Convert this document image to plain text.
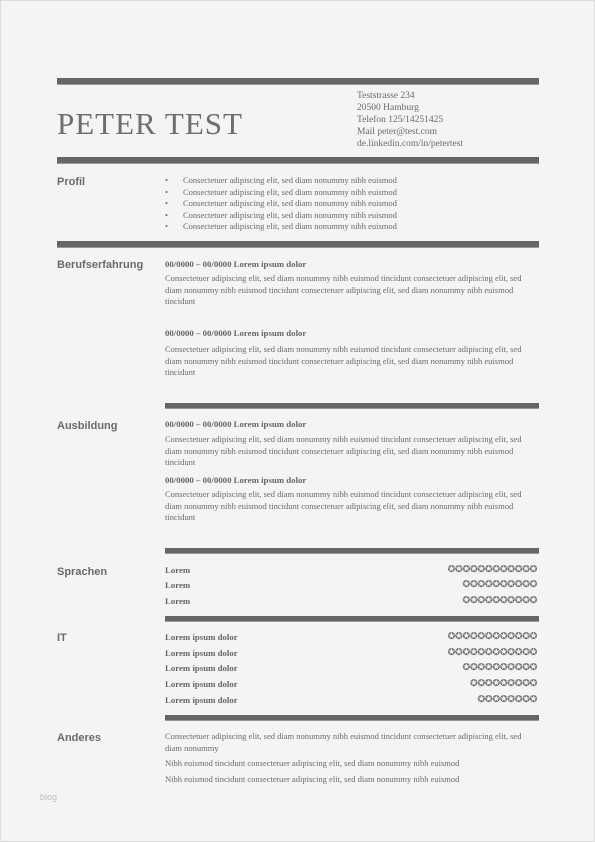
PETER TEST
Teststrasse 234
20500 Hamburg
Telefon 125/14251425
Mail peter@test.com
de.linkedin.com/in/petertest
Profil	• Consectetuer adipiscing elit, sed diam nonummy nibh euismod
• Consectetuer adipiscing elit, sed diam nonummy nibh euismod
• Consectetuer adipiscing elit, sed diam nonummy nibh euismod
• Consectetuer adipiscing elit, sed diam nonummy nibh euismod
• Consectetuer adipiscing elit, sed diam nonummy nibh euismod
Berufserfahrung 00/0000 – 00/0000 Lorem ipsum dolor
Consectetuer adipiscing elit, sed diam nonummy nibh euismod tincidunt consectetuer adipiscing elit, sed diam nonummy nibh euismod tincidunt consectetuer adipiscing elit, sed diam nonummy nibh euismod tincidunt
00/0000 – 00/0000 Lorem ipsum dolor
Consectetuer adipiscing elit, sed diam nonummy nibh euismod tincidunt consectetuer adipiscing elit, sed diam nonummy nibh euismod tincidunt consectetuer adipiscing elit, sed diam nonummy nibh euismod tincidunt
Ausbildung	00/0000 – 00/0000 Lorem ipsum dolor
Consectetuer adipiscing elit, sed diam nonummy nibh euismod tincidunt consectetuer adipiscing elit, sed diam nonummy nibh euismod tincidunt consectetuer adipiscing elit, sed diam nonummy nibh euismod tincidunt
00/0000 – 00/0000 Lorem ipsum dolor
Consectetuer adipiscing elit, sed diam nonummy nibh euismod tincidunt consectetuer adipiscing elit, sed diam nonummy nibh euismod tincidunt consectetuer adipiscing elit, sed diam nonummy nibh euismod tincidunt
Sprachen	Lorem	✪✪✪✪✪✪✪✪✪✪✪✪
Lorem	✪✪✪✪✪✪✪✪✪✪
Lorem	✪✪✪✪✪✪✪✪✪✪
IT	Lorem ipsum dolor	✪✪✪✪✪✪✪✪✪✪✪✪
Lorem ipsum dolor	✪✪✪✪✪✪✪✪✪✪✪✪
Lorem ipsum dolor	✪✪✪✪✪✪✪✪✪✪
Lorem ipsum dolor	✪✪✪✪✪✪✪✪✪
Lorem ipsum dolor	✪✪✪✪✪✪✪✪
Anderes	Consectetuer adipiscing elit, sed diam nonummy nibh euismod tincidunt consectetuer adipiscing elit, sed diam nonummy
Nibh euismod tincidunt consectetuer adipiscing elit, sed diam nonummy nibh euismod
Nibh euismod tincidunt consectetuer adipiscing elit, sed diam nonummy nibh euismod
blog
